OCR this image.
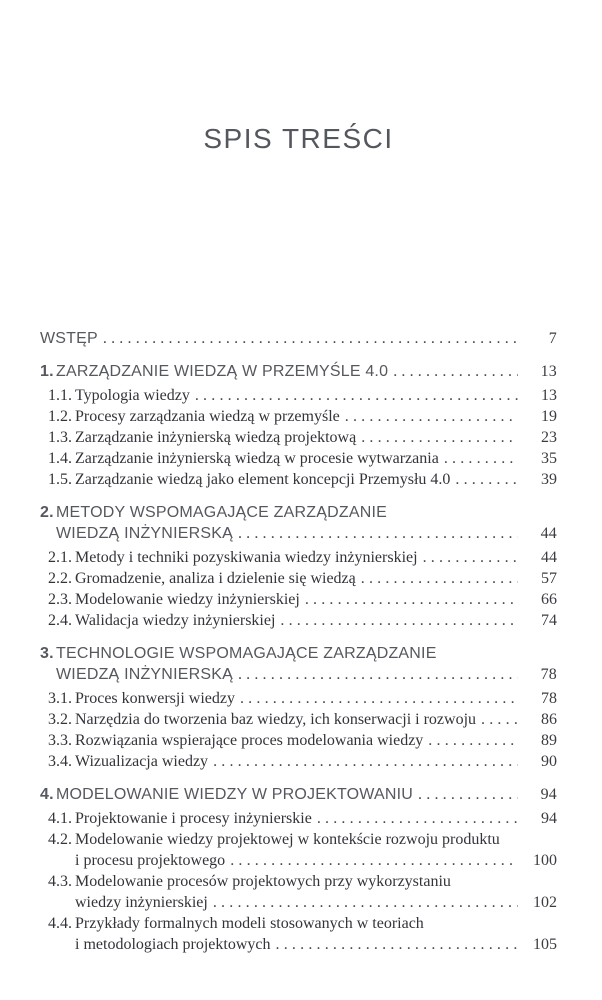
SPIS TREŚCI
WSTĘP .....	7
1. ZARZĄDZANIE WIEDZĄ W PRZEMYŚLE 4.0 .....	13
1.1. Typologia wiedzy .....	13
1.2. Procesy zarządzania wiedzą w przemyśle .....	19
1.3. Zarządzanie inżynierską wiedzą projektową .....	23
1.4. Zarządzanie inżynierską wiedzą w procesie wytwarzania .....	35
1.5. Zarządzanie wiedzą jako element koncepcji Przemysłu 4.0 .....	39
2. METODY WSPOMAGAJĄCE ZARZĄDZANIE
WIEDZĄ INŻYNIERSKĄ .....	44
2.1. Metody i techniki pozyskiwania wiedzy inżynierskiej .....	44
2.2. Gromadzenie, analiza i dzielenie się wiedzą .....	57
2.3. Modelowanie wiedzy inżynierskiej .....	66
2.4. Walidacja wiedzy inżynierskiej .....	74
3. TECHNOLOGIE WSPOMAGAJĄCE ZARZĄDZANIE
WIEDZĄ INŻYNIERSKĄ .....	78
3.1. Proces konwersji wiedzy .....	78
3.2. Narzędzia do tworzenia baz wiedzy, ich konserwacji i rozwoju .....	86
3.3. Rozwiązania wspierające proces modelowania wiedzy .....	89
3.4. Wizualizacja wiedzy .....	90
4. MODELOWANIE WIEDZY W PROJEKTOWANIU .....	94
4.1. Projektowanie i procesy inżynierskie .....	94
4.2. Modelowanie wiedzy projektowej w kontekście rozwoju produktu
i procesu projektowego .....	100
4.3. Modelowanie procesów projektowych przy wykorzystaniu
wiedzy inżynierskiej .....	102
4.4. Przykłady formalnych modeli stosowanych w teoriach
i metodologiach projektowych .....	105
